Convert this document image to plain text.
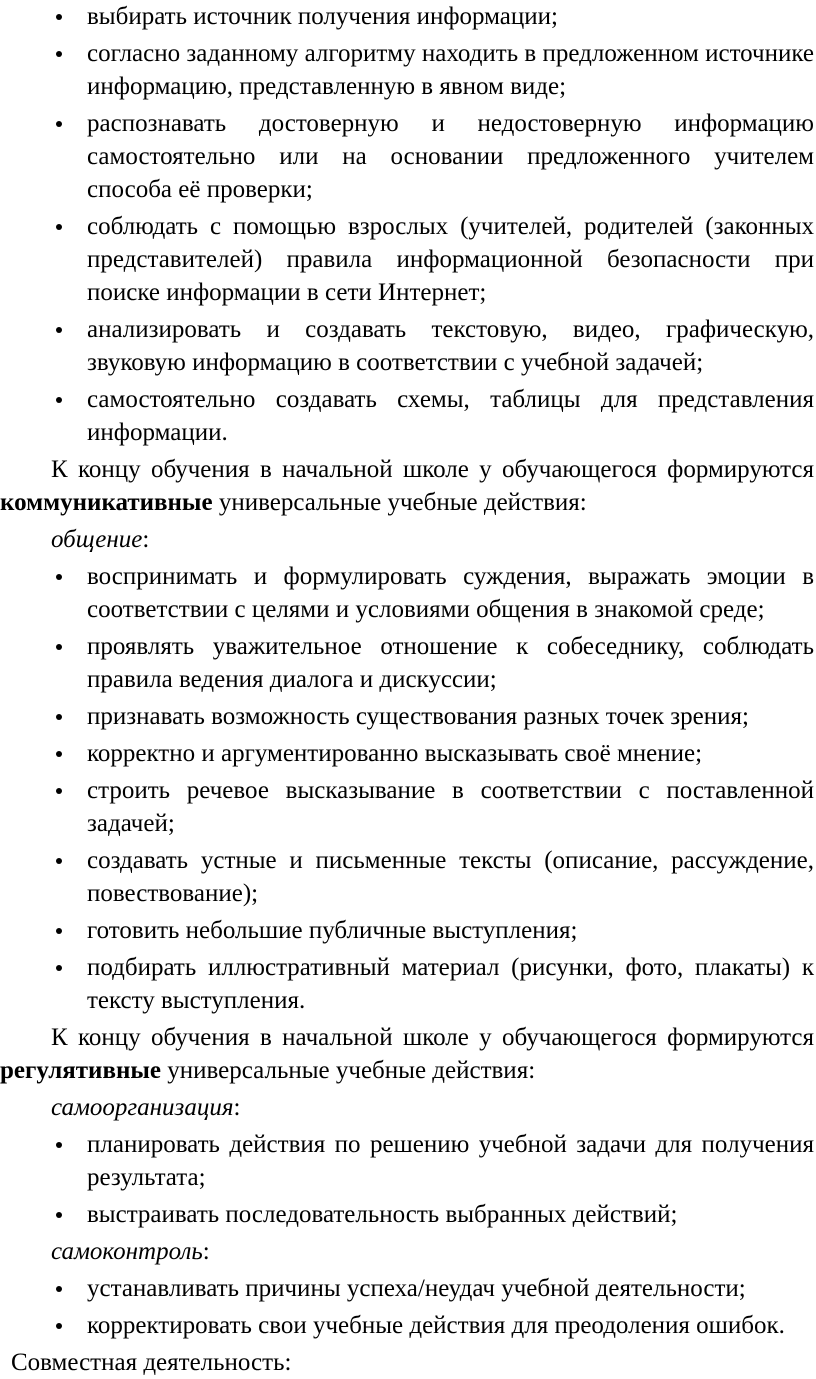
выбирать источник получения информации;
согласно заданному алгоритму находить в предложенном источнике информацию, представленную в явном виде;
распознавать достоверную и недостоверную информацию самостоятельно или на основании предложенного учителем способа её проверки;
соблюдать с помощью взрослых (учителей, родителей (законных представителей) правила информационной безопасности при поиске информации в сети Интернет;
анализировать и создавать текстовую, видео, графическую, звуковую информацию в соответствии с учебной задачей;
самостоятельно создавать схемы, таблицы для представления информации.
К концу обучения в начальной школе у обучающегося формируются коммуникативные универсальные учебные действия:
общение:
воспринимать и формулировать суждения, выражать эмоции в соответствии с целями и условиями общения в знакомой среде;
проявлять уважительное отношение к собеседнику, соблюдать правила ведения диалога и дискуссии;
признавать возможность существования разных точек зрения;
корректно и аргументированно высказывать своё мнение;
строить речевое высказывание в соответствии с поставленной задачей;
создавать устные и письменные тексты (описание, рассуждение, повествование);
готовить небольшие публичные выступления;
подбирать иллюстративный материал (рисунки, фото, плакаты) к тексту выступления.
К концу обучения в начальной школе у обучающегося формируются регулятивные универсальные учебные действия:
самоорганизация:
планировать действия по решению учебной задачи для получения результата;
выстраивать последовательность выбранных действий;
самоконтроль:
устанавливать причины успеха/неудач учебной деятельности;
корректировать свои учебные действия для преодоления ошибок.
Совместная деятельность:
